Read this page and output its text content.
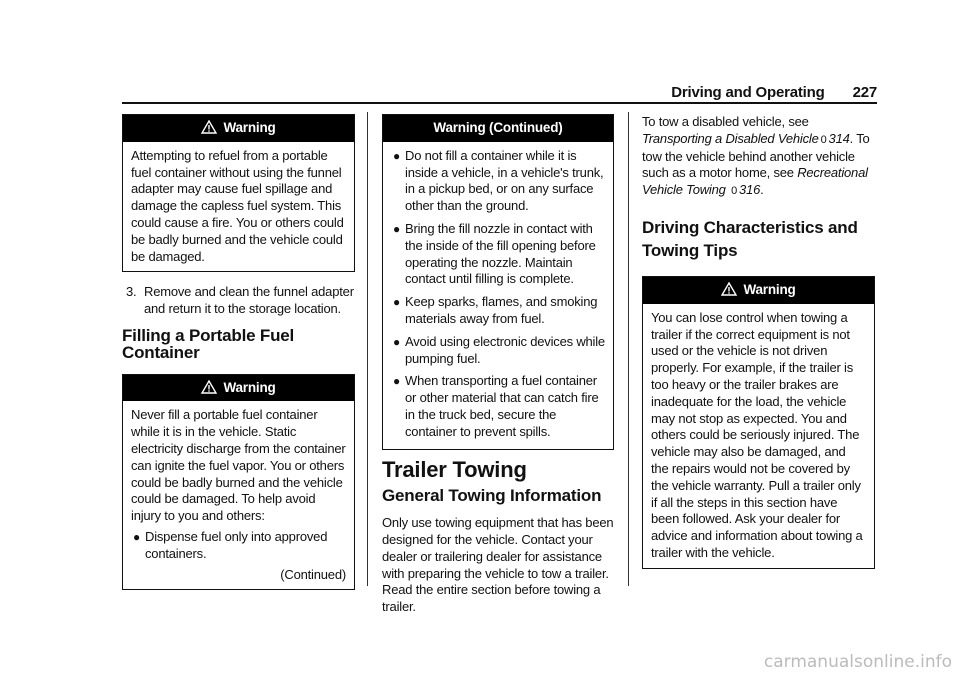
Driving and Operating 227
Warning

Attempting to refuel from a portable fuel container without using the funnel adapter may cause fuel spillage and damage the capless fuel system. This could cause a fire. You or others could be badly burned and the vehicle could be damaged.

3. Remove and clean the funnel adapter and return it to the storage location.
Filling a Portable Fuel Container
Warning

Never fill a portable fuel container while it is in the vehicle. Static electricity discharge from the container can ignite the fuel vapor. You or others could be badly burned and the vehicle could be damaged. To help avoid injury to you and others:

● Dispense fuel only into approved containers.
(Continued)
Warning (Continued)
● Do not fill a container while it is inside a vehicle, in a vehicle's trunk, in a pickup bed, or on any surface other than the ground.
● Bring the fill nozzle in contact with the inside of the fill opening before operating the nozzle. Maintain contact until filling is complete.
● Keep sparks, flames, and smoking materials away from fuel.
● Avoid using electronic devices while pumping fuel.
● When transporting a fuel container or other material that can catch fire in the truck bed, secure the container to prevent spills.
Trailer Towing
General Towing Information

Only use towing equipment that has been designed for the vehicle. Contact your dealer or trailering dealer for assistance with preparing the vehicle to tow a trailer. Read the entire section before towing a trailer.

To tow a disabled vehicle, see Transporting a Disabled Vehicle 0 314. To tow the vehicle behind another vehicle such as a motor home, see Recreational Vehicle Towing 0 316.

Driving Characteristics and Towing Tips
Warning

You can lose control when towing a trailer if the correct equipment is not used or the vehicle is not driven properly. For example, if the trailer is too heavy or the trailer brakes are inadequate for the load, the vehicle may not stop as expected. You and others could be seriously injured. The vehicle may also be damaged, and the repairs would not be covered by the vehicle warranty. Pull a trailer only if all the steps in this section have been followed. Ask your dealer for advice and information about towing a trailer with the vehicle.

carmanualsonline.info
